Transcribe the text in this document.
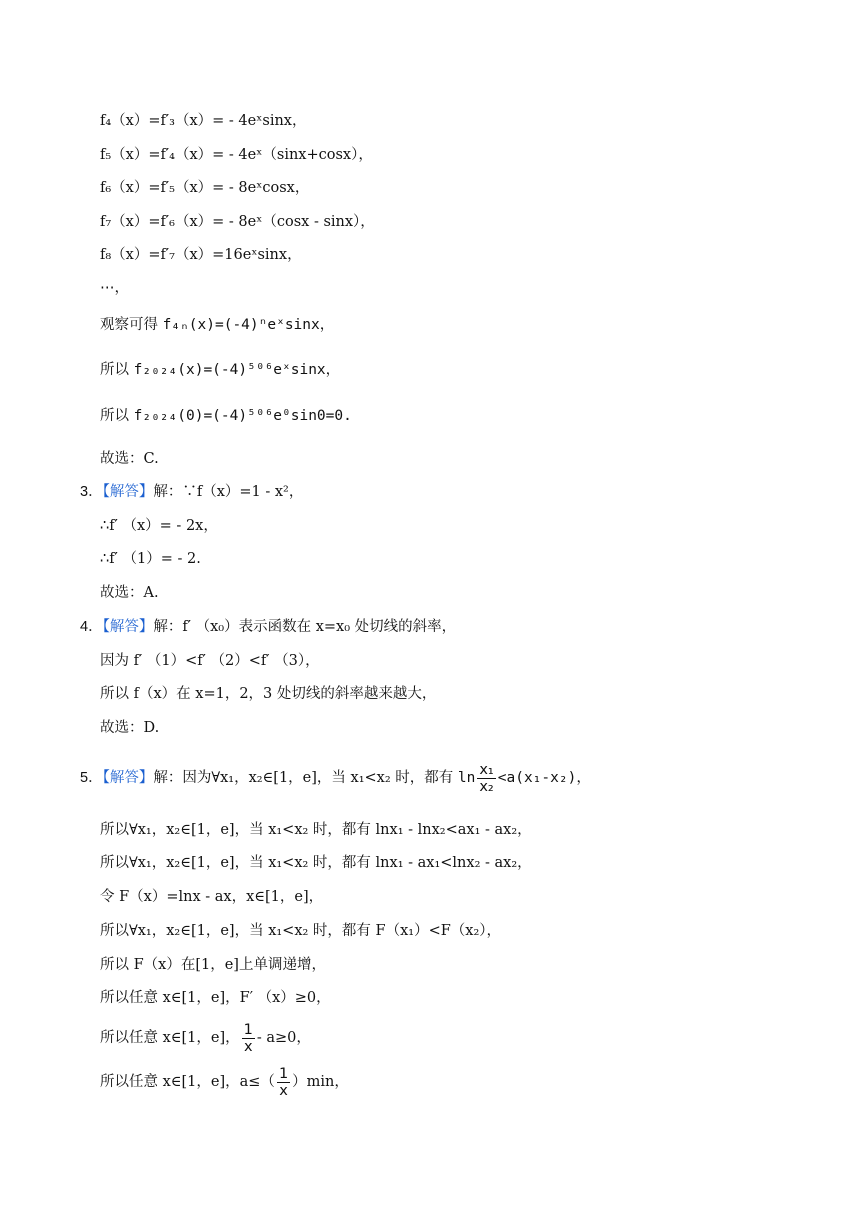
f₄（x）=f′₃（x）= - 4eˣsinx，
f₅（x）=f′₄（x）= - 4eˣ（sinx+cosx），
f₆（x）=f′₅（x）= - 8eˣcosx，
f₇（x）=f′₆（x）= - 8eˣ（cosx - sinx），
f₈（x）=f′₇（x）=16eˣsinx，
⋯，
观察可得 f₄ₙ(x)=(-4)ⁿeˣsinx，
所以 f₂₀₂₄(x)=(-4)⁵⁰⁶eˣsinx，
所以 f₂₀₂₄(0)=(-4)⁵⁰⁶e⁰sin0=0.
故选：C.
3．【解答】解：∵f（x）=1 - x²，
∴f′ （x）= - 2x，
∴f′ （1）= - 2.
故选：A.
4．【解答】解：f′ （x₀）表示函数在 x=x₀ 处切线的斜率，
因为 f′ （1）<f′ （2）<f′ （3），
所以 f（x）在 x=1，2，3 处切线的斜率越来越大，
故选：D.
5．【解答】解：因为∀x₁，x₂∈[1，e]，当 x₁<x₂ 时，都有 $\ln \frac{\text{x₁}}{\text{x₂}} <a(x_1-x_2)$，
所以∀x₁，x₂∈[1，e]，当 x₁<x₂ 时，都有 lnx₁ - lnx₂<ax₁ - ax₂，
所以∀x₁，x₂∈[1，e]，当 x₁<x₂ 时，都有 lnx₁ - ax₁<lnx₂ - ax₂，
令 F（x）=lnx - ax，x∈[1，e]，
所以∀x₁，x₂∈[1，e]，当 x₁<x₂ 时，都有 F（x₁）<F（x₂），
所以 F（x）在[1，e]上单调递增，
所以任意 x∈[1，e]，F′ （x）≥0，
所以任意 x∈[1，e]， $\frac{1}{x} - a\ge 0$，
所以任意 x∈[1，e]，$a\le( \frac{1}{x} )\min$，
